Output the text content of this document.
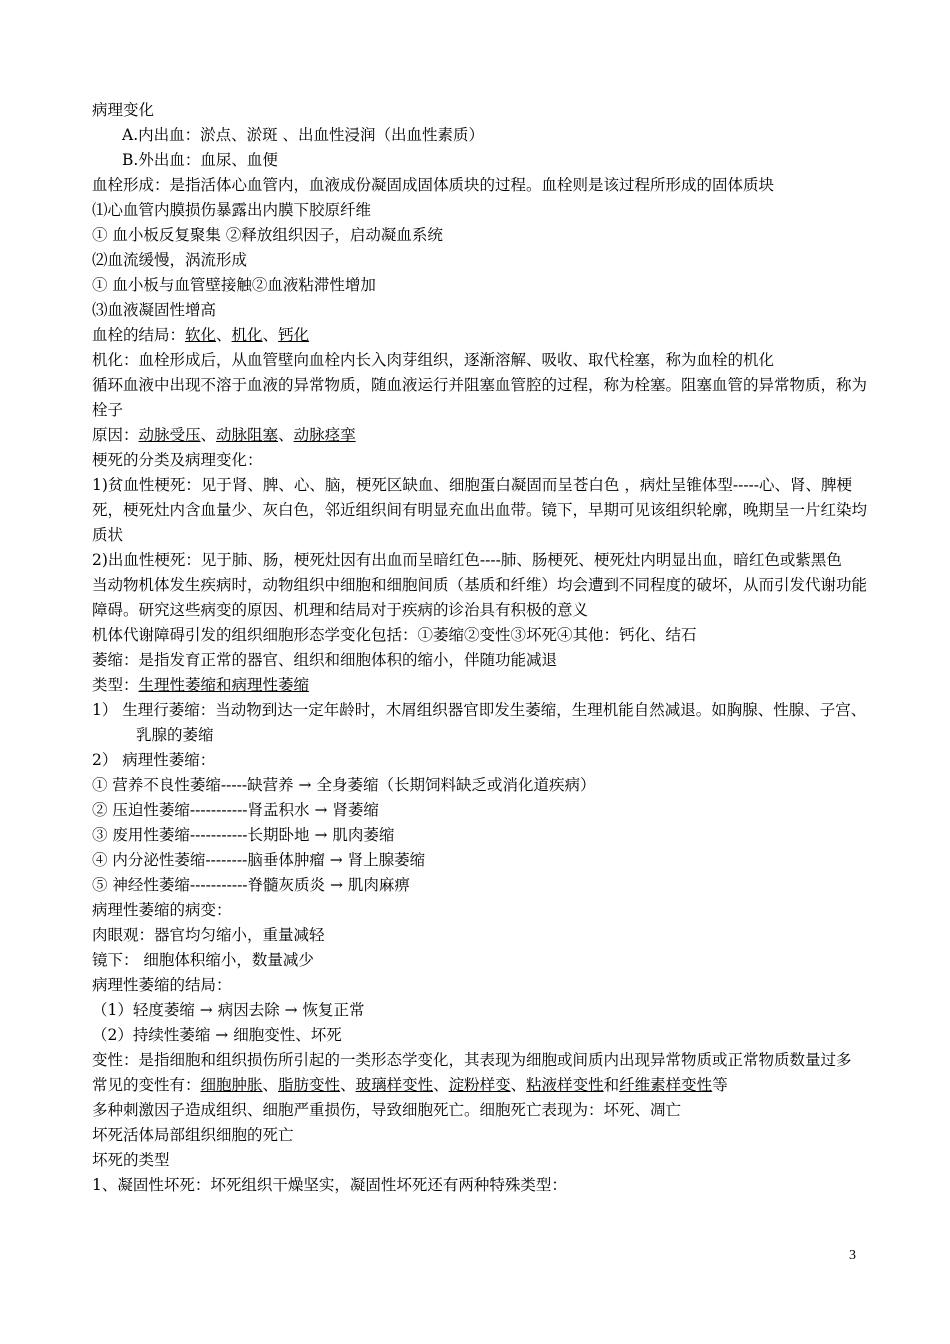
病理变化
A.内出血：淤点、淤斑 、出血性浸润（出血性素质）
B.外出血：血尿、血便
血栓形成：是指活体心血管内，血液成份凝固成固体质块的过程。血栓则是该过程所形成的固体质块
⑴心血管内膜损伤暴露出内膜下胶原纤维
① 血小板反复聚集 ②释放组织因子，启动凝血系统
⑵血流缓慢，涡流形成
① 血小板与血管壁接触②血液粘滞性增加
⑶血液凝固性增高
血栓的结局：软化、机化、钙化
机化：血栓形成后，从血管壁向血栓内长入肉芽组织，逐渐溶解、吸收、取代栓塞，称为血栓的机化
循环血液中出现不溶于血液的异常物质，随血液运行并阻塞血管腔的过程，称为栓塞。阻塞血管的异常物质，称为栓子
原因：动脉受压、动脉阻塞、动脉痉挛
梗死的分类及病理变化：
1)贫血性梗死：见于肾、脾、心、脑，梗死区缺血、细胞蛋白凝固而呈苍白色 ，病灶呈锥体型-----心、肾、脾梗死，梗死灶内含血量少、灰白色，邻近组织间有明显充血出血带。镜下，早期可见该组织轮廓，晚期呈一片红染均质状
2)出血性梗死：见于肺、肠，梗死灶因有出血而呈暗红色----肺、肠梗死、梗死灶内明显出血，暗红色或紫黑色
当动物机体发生疾病时，动物组织中细胞和细胞间质（基质和纤维）均会遭到不同程度的破坏，从而引发代谢功能障碍。研究这些病变的原因、机理和结局对于疾病的诊治具有积极的意义
机体代谢障碍引发的组织细胞形态学变化包括：①萎缩②变性③坏死④其他：钙化、结石
萎缩：是指发育正常的器官、组织和细胞体积的缩小，伴随功能减退
类型：生理性萎缩和病理性萎缩
1） 生理行萎缩：当动物到达一定年龄时，木屑组织器官即发生萎缩，生理机能自然减退。如胸腺、性腺、子宫、乳腺的萎缩
2） 病理性萎缩：
① 营养不良性萎缩-----缺营养 → 全身萎缩（长期饲料缺乏或消化道疾病）
② 压迫性萎缩-----------肾盂积水 → 肾萎缩
③ 废用性萎缩-----------长期卧地 → 肌肉萎缩
④ 内分泌性萎缩--------脑垂体肿瘤 → 肾上腺萎缩
⑤ 神经性萎缩-----------脊髓灰质炎 → 肌肉麻痹
病理性萎缩的病变：
肉眼观：器官均匀缩小，重量减轻
镜下： 细胞体积缩小，数量减少
病理性萎缩的结局：
（1）轻度萎缩 → 病因去除 → 恢复正常
（2）持续性萎缩 → 细胞变性、坏死
变性：是指细胞和组织损伤所引起的一类形态学变化，其表现为细胞或间质内出现异常物质或正常物质数量过多
常见的变性有：细胞肿胀、脂肪变性、玻璃样变性、淀粉样变、粘液样变性和纤维素样变性等
多种刺激因子造成组织、细胞严重损伤，导致细胞死亡。细胞死亡表现为：坏死、凋亡
坏死活体局部组织细胞的死亡
坏死的类型
1、凝固性坏死：坏死组织干燥坚实，凝固性坏死还有两种特殊类型：
3
